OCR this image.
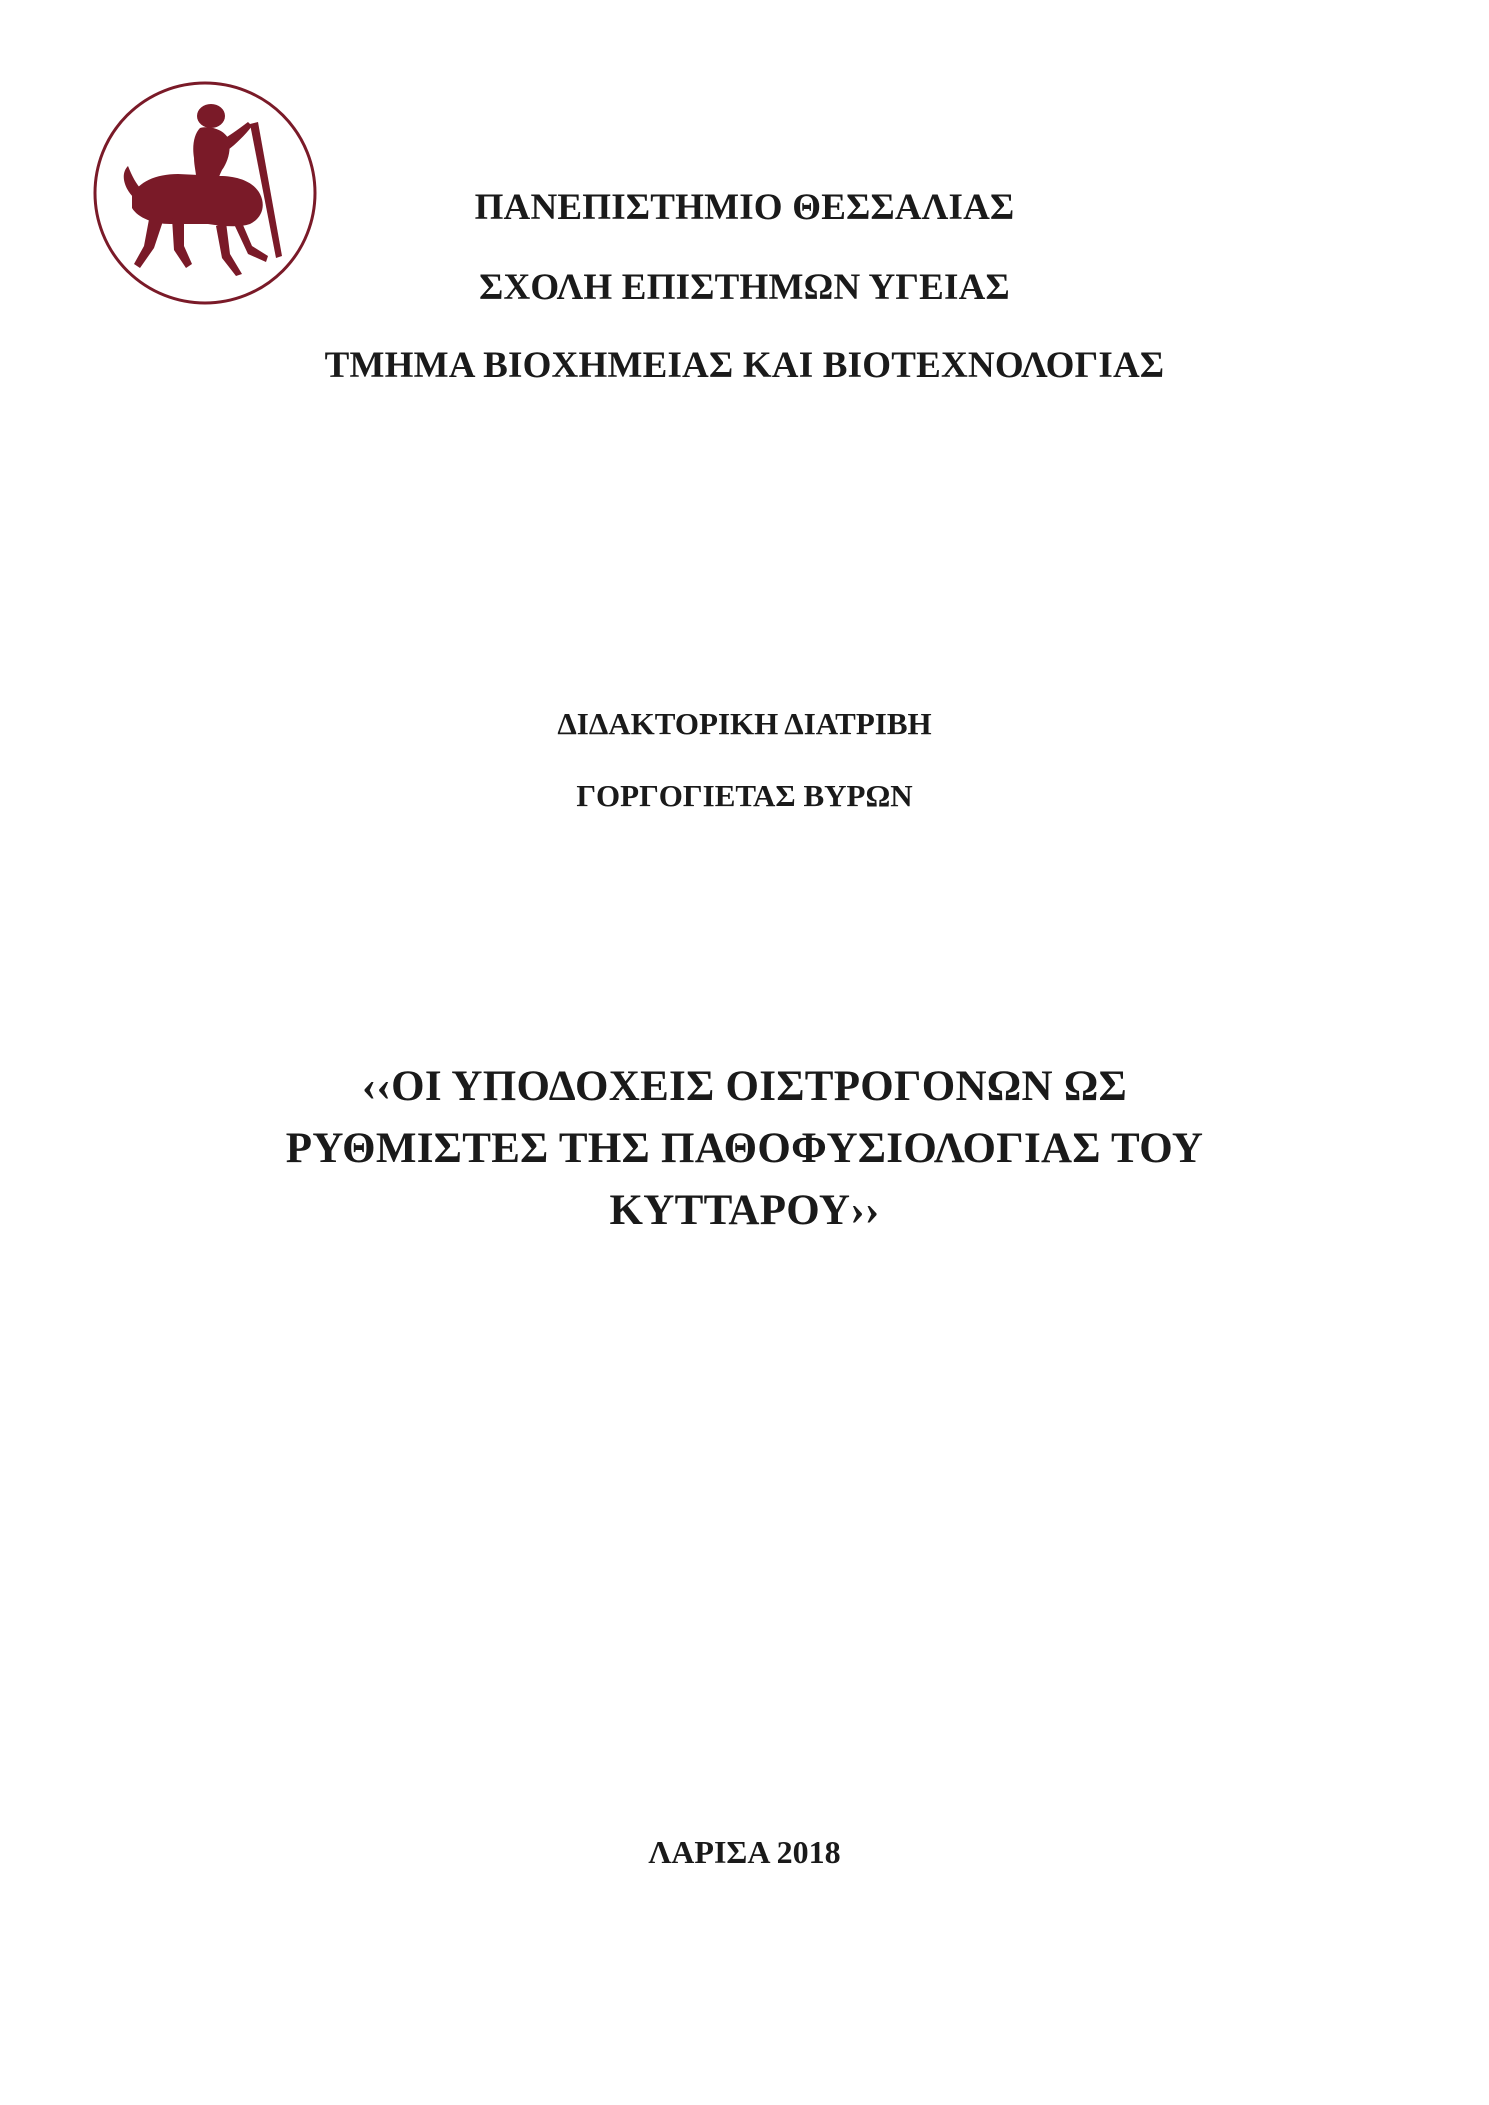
ΠΑΝΕΠΙΣΤΗΜΙΟ ΘΕΣΣΑΛΙΑΣ
ΣΧΟΛΗ ΕΠΙΣΤΗΜΩΝ ΥΓΕΙΑΣ
ΤΜΗΜΑ ΒΙΟΧΗΜΕΙΑΣ ΚΑΙ ΒΙΟΤΕΧΝΟΛΟΓΙΑΣ
ΔΙΔΑΚΤΟΡΙΚΗ ΔΙΑΤΡΙΒΗ
ΓΟΡΓΟΓΙΕΤΑΣ ΒΥΡΩΝ
‹‹ΟΙ ΥΠΟΔΟΧΕΙΣ ΟΙΣΤΡΟΓΟΝΩΝ ΩΣ
ΡΥΘΜΙΣΤΕΣ ΤΗΣ ΠΑΘΟΦΥΣΙΟΛΟΓΙΑΣ ΤΟΥ
ΚΥΤΤΑΡΟΥ››
ΛΑΡΙΣΑ 2018
